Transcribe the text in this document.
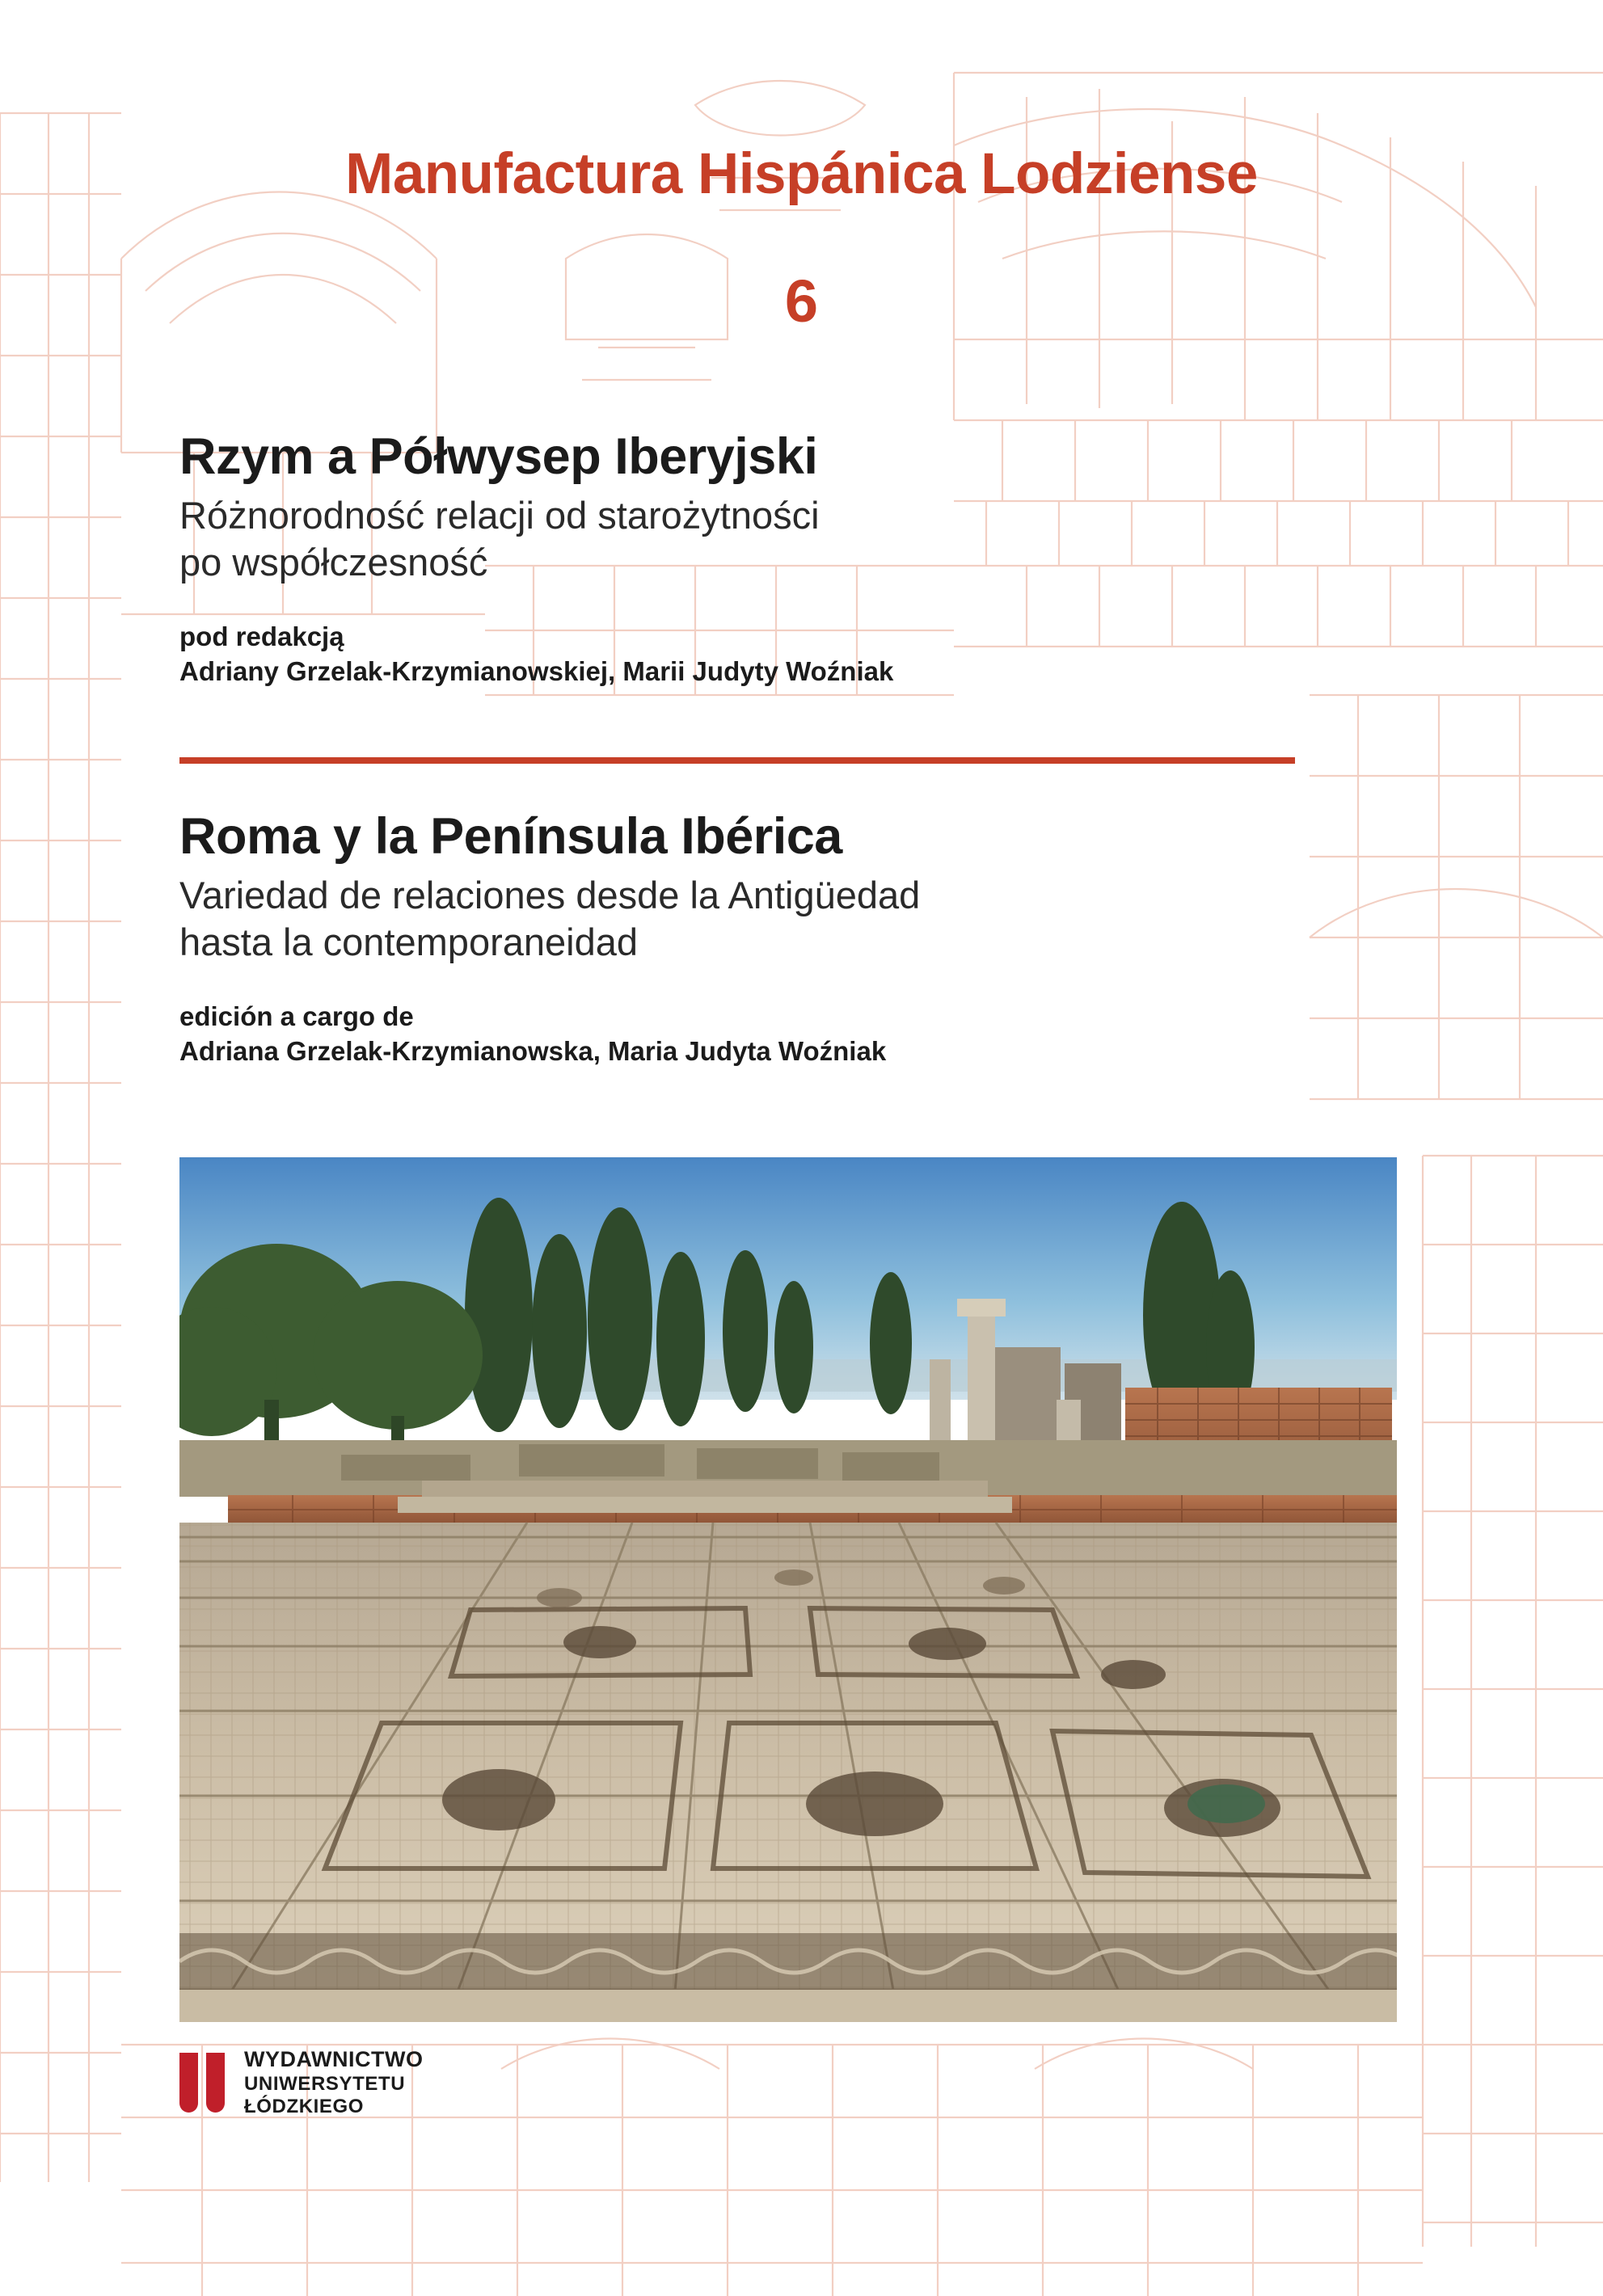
Manufactura Hispánica Lodziense
6
Rzym a Półwysep Iberyjski

Różnorodność relacji od starożytności

po współczesność

pod redakcją

Adriany Grzelak-Krzymianowskiej, Marii Judyty Woźniak

Roma y la Península Ibérica

Variedad de relaciones desde la Antigüedad

hasta la contemporaneidad

edición a cargo de

Adriana Grzelak-Krzymianowska, Maria Judyta Woźniak

WYDAWNICTWO
UNIWERSYTETU
ŁÓDZKIEGO
